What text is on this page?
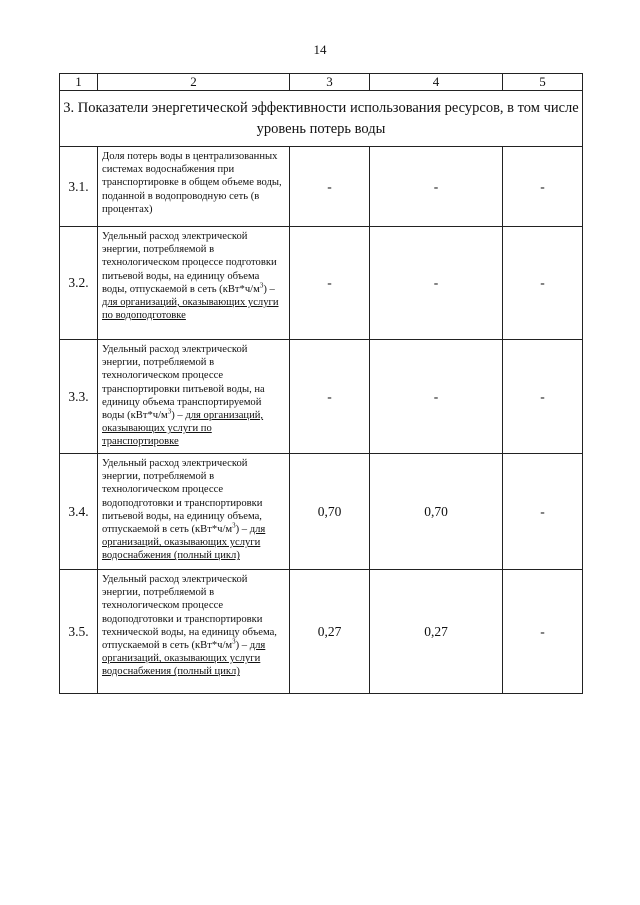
14
1	2	3	4	5
3. Показатели энергетической эффективности использования ресурсов, в том числе уровень потерь воды				
3.1.	Доля потерь воды в централизованных системах водоснабжения при транспортировке в общем объеме воды, поданной в водопроводную сеть (в процентах)	-	-	-
3.2.	Удельный расход электрической энергии, потребляемой в технологическом процессе подготовки питьевой воды, на единицу объема воды, отпускаемой в сеть $(кВт*ч/м^3)$ – для организаций, оказывающих услуги по водоподготовке	-	-	-
3.3.	Удельный расход электрической энергии, потребляемой в технологическом процессе транспортировки питьевой воды, на единицу объема транспортируемой воды $(кВт*ч/м^3)$ – для организаций, оказывающих услуги по транспортировке	-	-	-
3.4.	Удельный расход электрической энергии, потребляемой в технологическом процессе водоподготовки и транспортировки питьевой воды, на единицу объема, отпускаемой в сеть $(кВт*ч/м^3)$ – для организаций, оказывающих услуги водоснабжения (полный цикл)	0,70	0,70	-
3.5.	Удельный расход электрической энергии, потребляемой в технологическом процессе водоподготовки и транспортировки технической воды, на единицу объема, отпускаемой в сеть $(кВт*ч/м^3)$ – для организаций, оказывающих услуги водоснабжения (полный цикл)	0,27	0,27	-
